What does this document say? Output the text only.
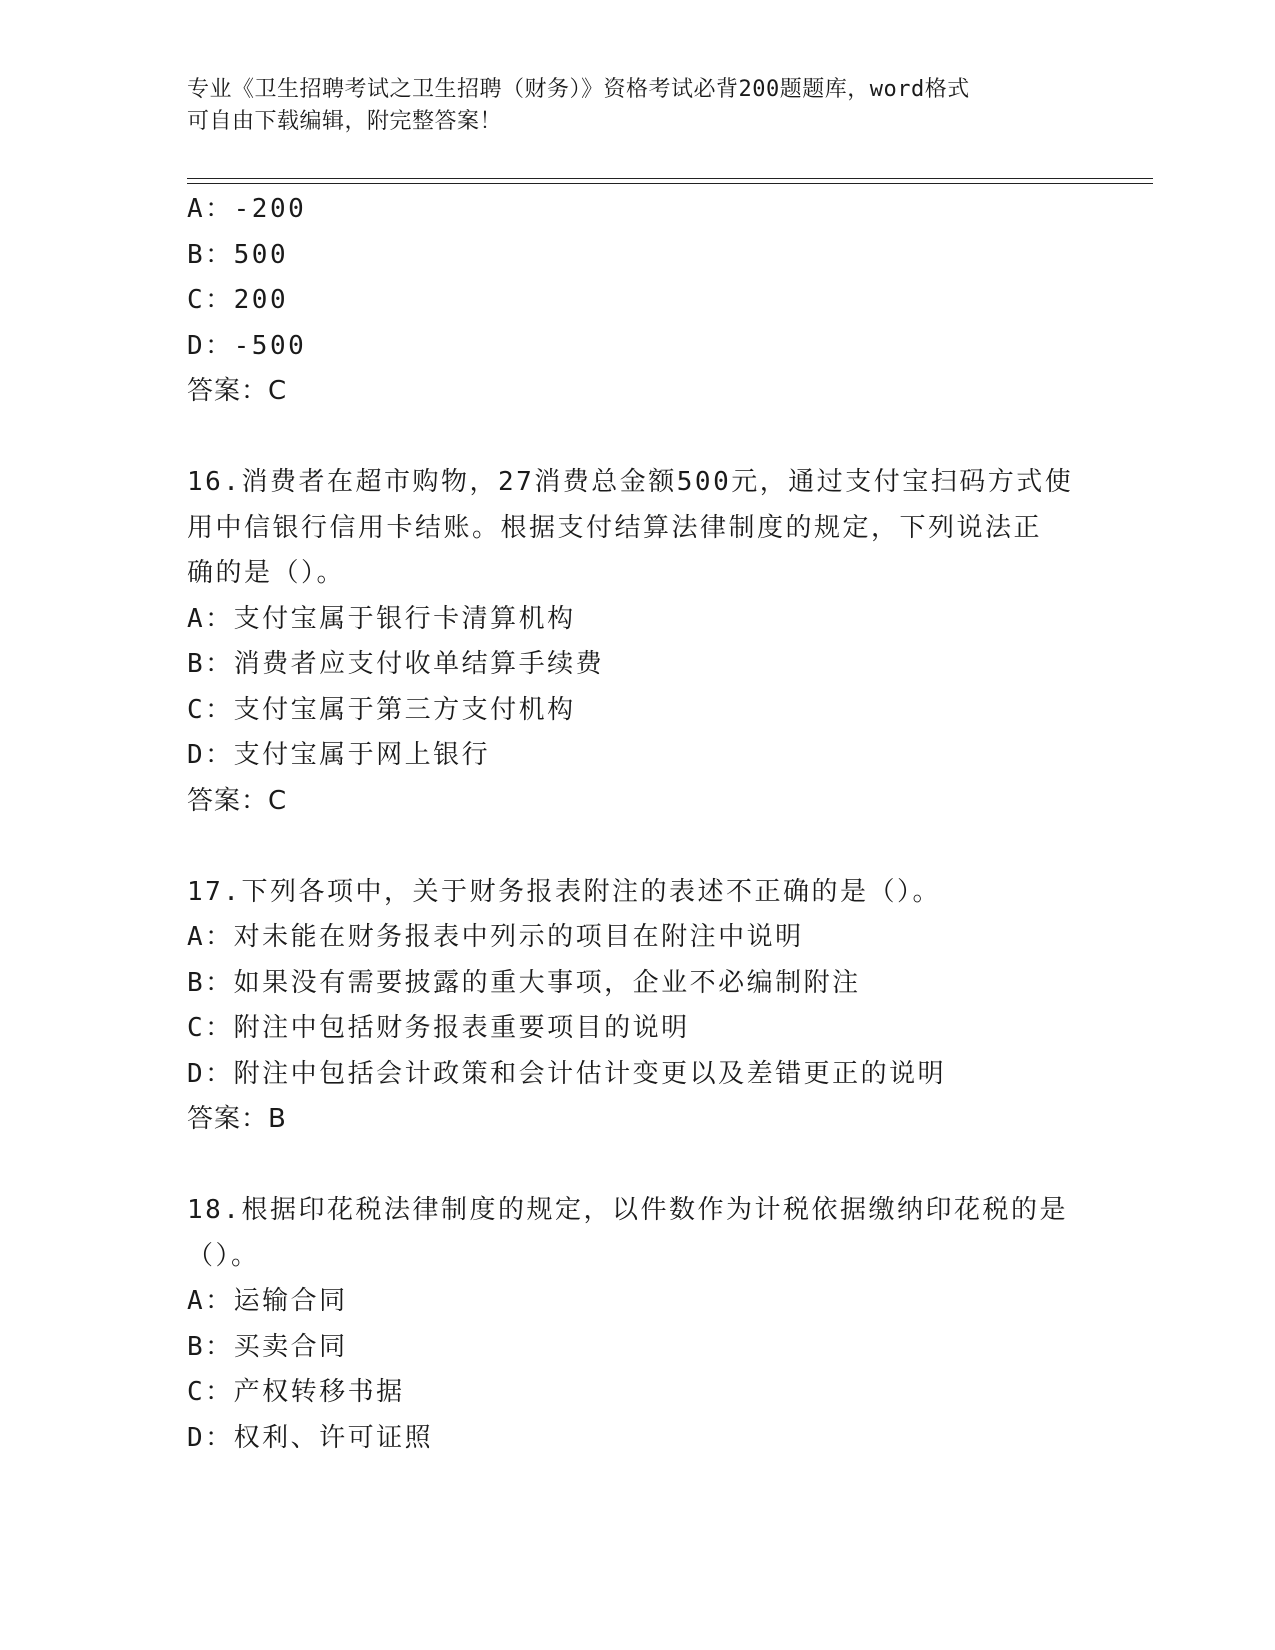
专业《卫生招聘考试之卫生招聘（财务）》资格考试必背200题题库，word格式
可自由下载编辑，附完整答案！
A：-200
B：500
C：200
D：-500
答案：C
16.消费者在超市购物，27消费总金额500元，通过支付宝扫码方式使
用中信银行信用卡结账。根据支付结算法律制度的规定，下列说法正
确的是（）。
A：支付宝属于银行卡清算机构
B：消费者应支付收单结算手续费
C：支付宝属于第三方支付机构
D：支付宝属于网上银行
答案：C
17.下列各项中，关于财务报表附注的表述不正确的是（）。
A：对未能在财务报表中列示的项目在附注中说明
B：如果没有需要披露的重大事项，企业不必编制附注
C：附注中包括财务报表重要项目的说明
D：附注中包括会计政策和会计估计变更以及差错更正的说明
答案：B
18.根据印花税法律制度的规定，以件数作为计税依据缴纳印花税的是
（）。
A：运输合同
B：买卖合同
C：产权转移书据
D：权利、许可证照
